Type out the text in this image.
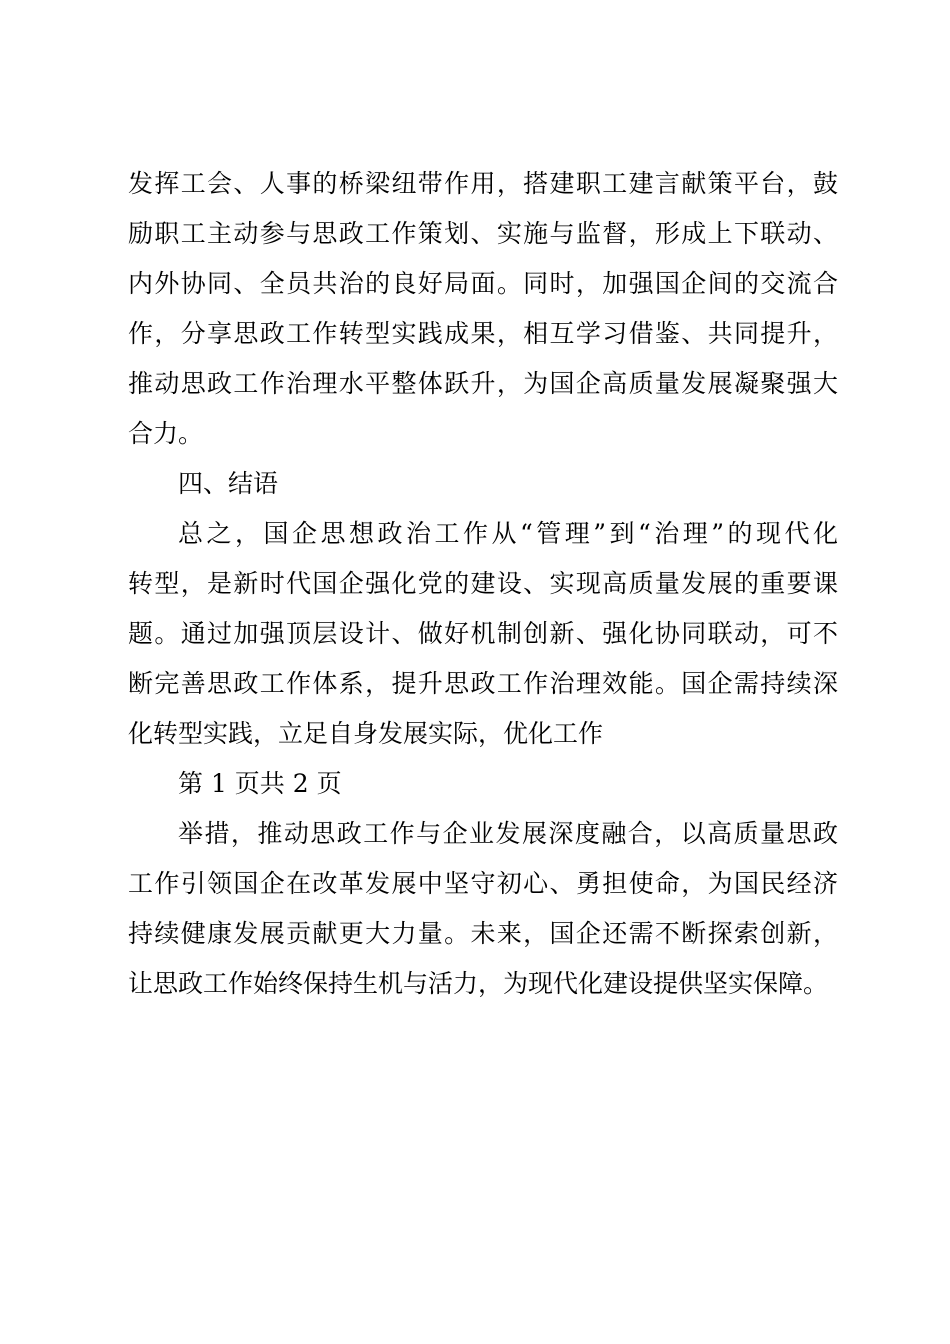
发挥工会、人事的桥梁纽带作用，搭建职工建言献策平台，鼓
励职工主动参与思政工作策划、实施与监督，形成上下联动、
内外协同、全员共治的良好局面。同时，加强国企间的交流合
作，分享思政工作转型实践成果，相互学习借鉴、共同提升，
推动思政工作治理水平整体跃升，为国企高质量发展凝聚强大
合力。
四、结语
总之，国企思想政治工作从“管理”到“治理”的现代化
转型，是新时代国企强化党的建设、实现高质量发展的重要课
题。通过加强顶层设计、做好机制创新、强化协同联动，可不
断完善思政工作体系，提升思政工作治理效能。国企需持续深
化转型实践，立足自身发展实际，优化工作
第 1 页共 2 页
举措，推动思政工作与企业发展深度融合，以高质量思政
工作引领国企在改革发展中坚守初心、勇担使命，为国民经济
持续健康发展贡献更大力量。未来，国企还需不断探索创新，
让思政工作始终保持生机与活力，为现代化建设提供坚实保障。
